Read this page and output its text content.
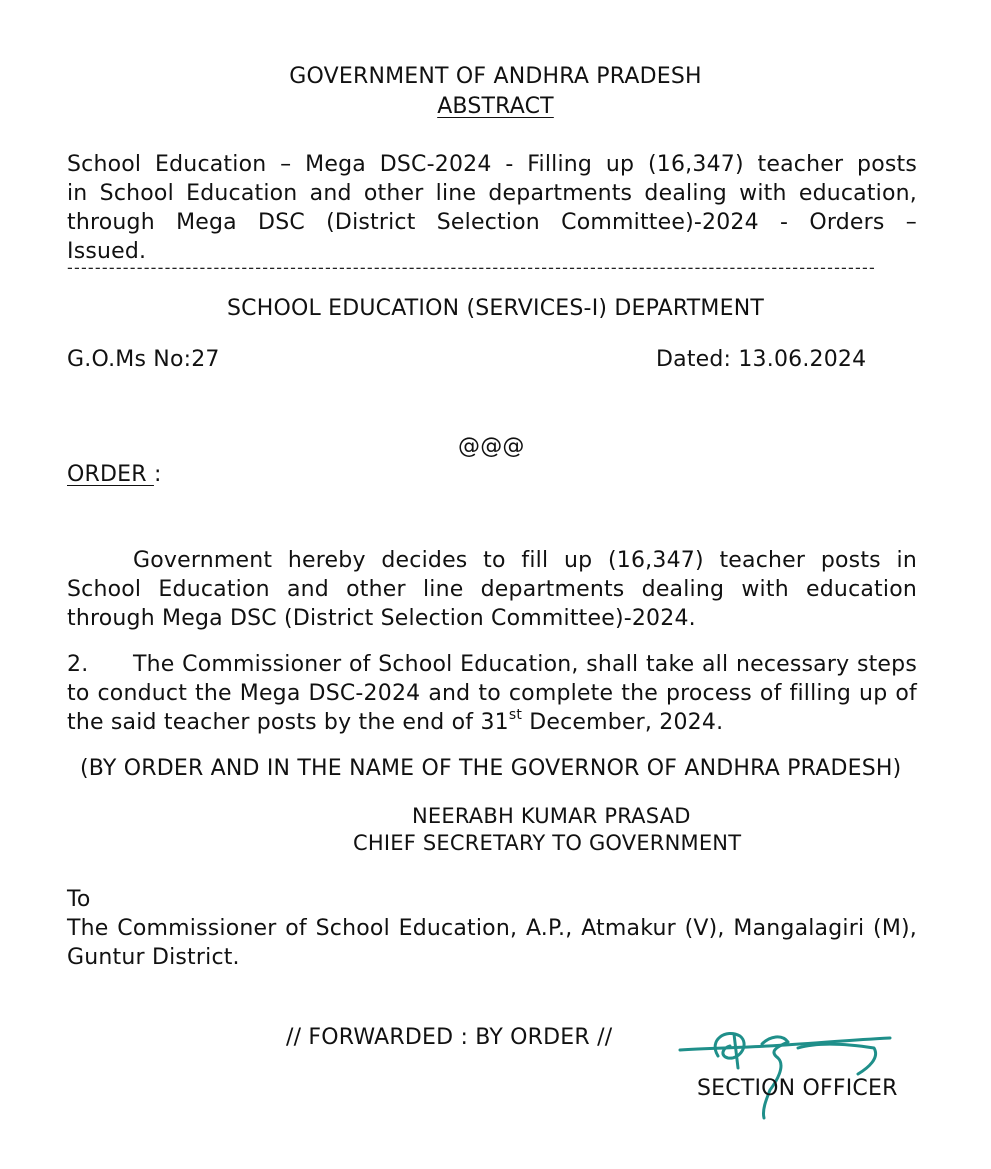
GOVERNMENT OF ANDHRA PRADESH
ABSTRACT
School Education – Mega DSC-2024 - Filling up (16,347) teacher posts
in School Education and other line departments dealing with education,
through Mega DSC (District Selection Committee)-2024 - Orders –
Issued.
--------------------------------------------------------------------------------------------------------------------
SCHOOL EDUCATION (SERVICES-I) DEPARTMENT
G.O.Ms No:27	Dated: 13.06.2024
@@@
ORDER :
Government hereby decides to fill up (16,347) teacher posts in School Education and other line departments dealing with education through Mega DSC (District Selection Committee)-2024.
2. The Commissioner of School Education, shall take all necessary steps to conduct the Mega DSC-2024 and to complete the process of filling up of the said teacher posts by the end of 31st December, 2024.
(BY ORDER AND IN THE NAME OF THE GOVERNOR OF ANDHRA PRADESH)
NEERABH KUMAR PRASAD
CHIEF SECRETARY TO GOVERNMENT
To
The Commissioner of School Education, A.P., Atmakur (V), Mangalagiri (M), Guntur District.
// FORWARDED : BY ORDER //
SECTION OFFICER
